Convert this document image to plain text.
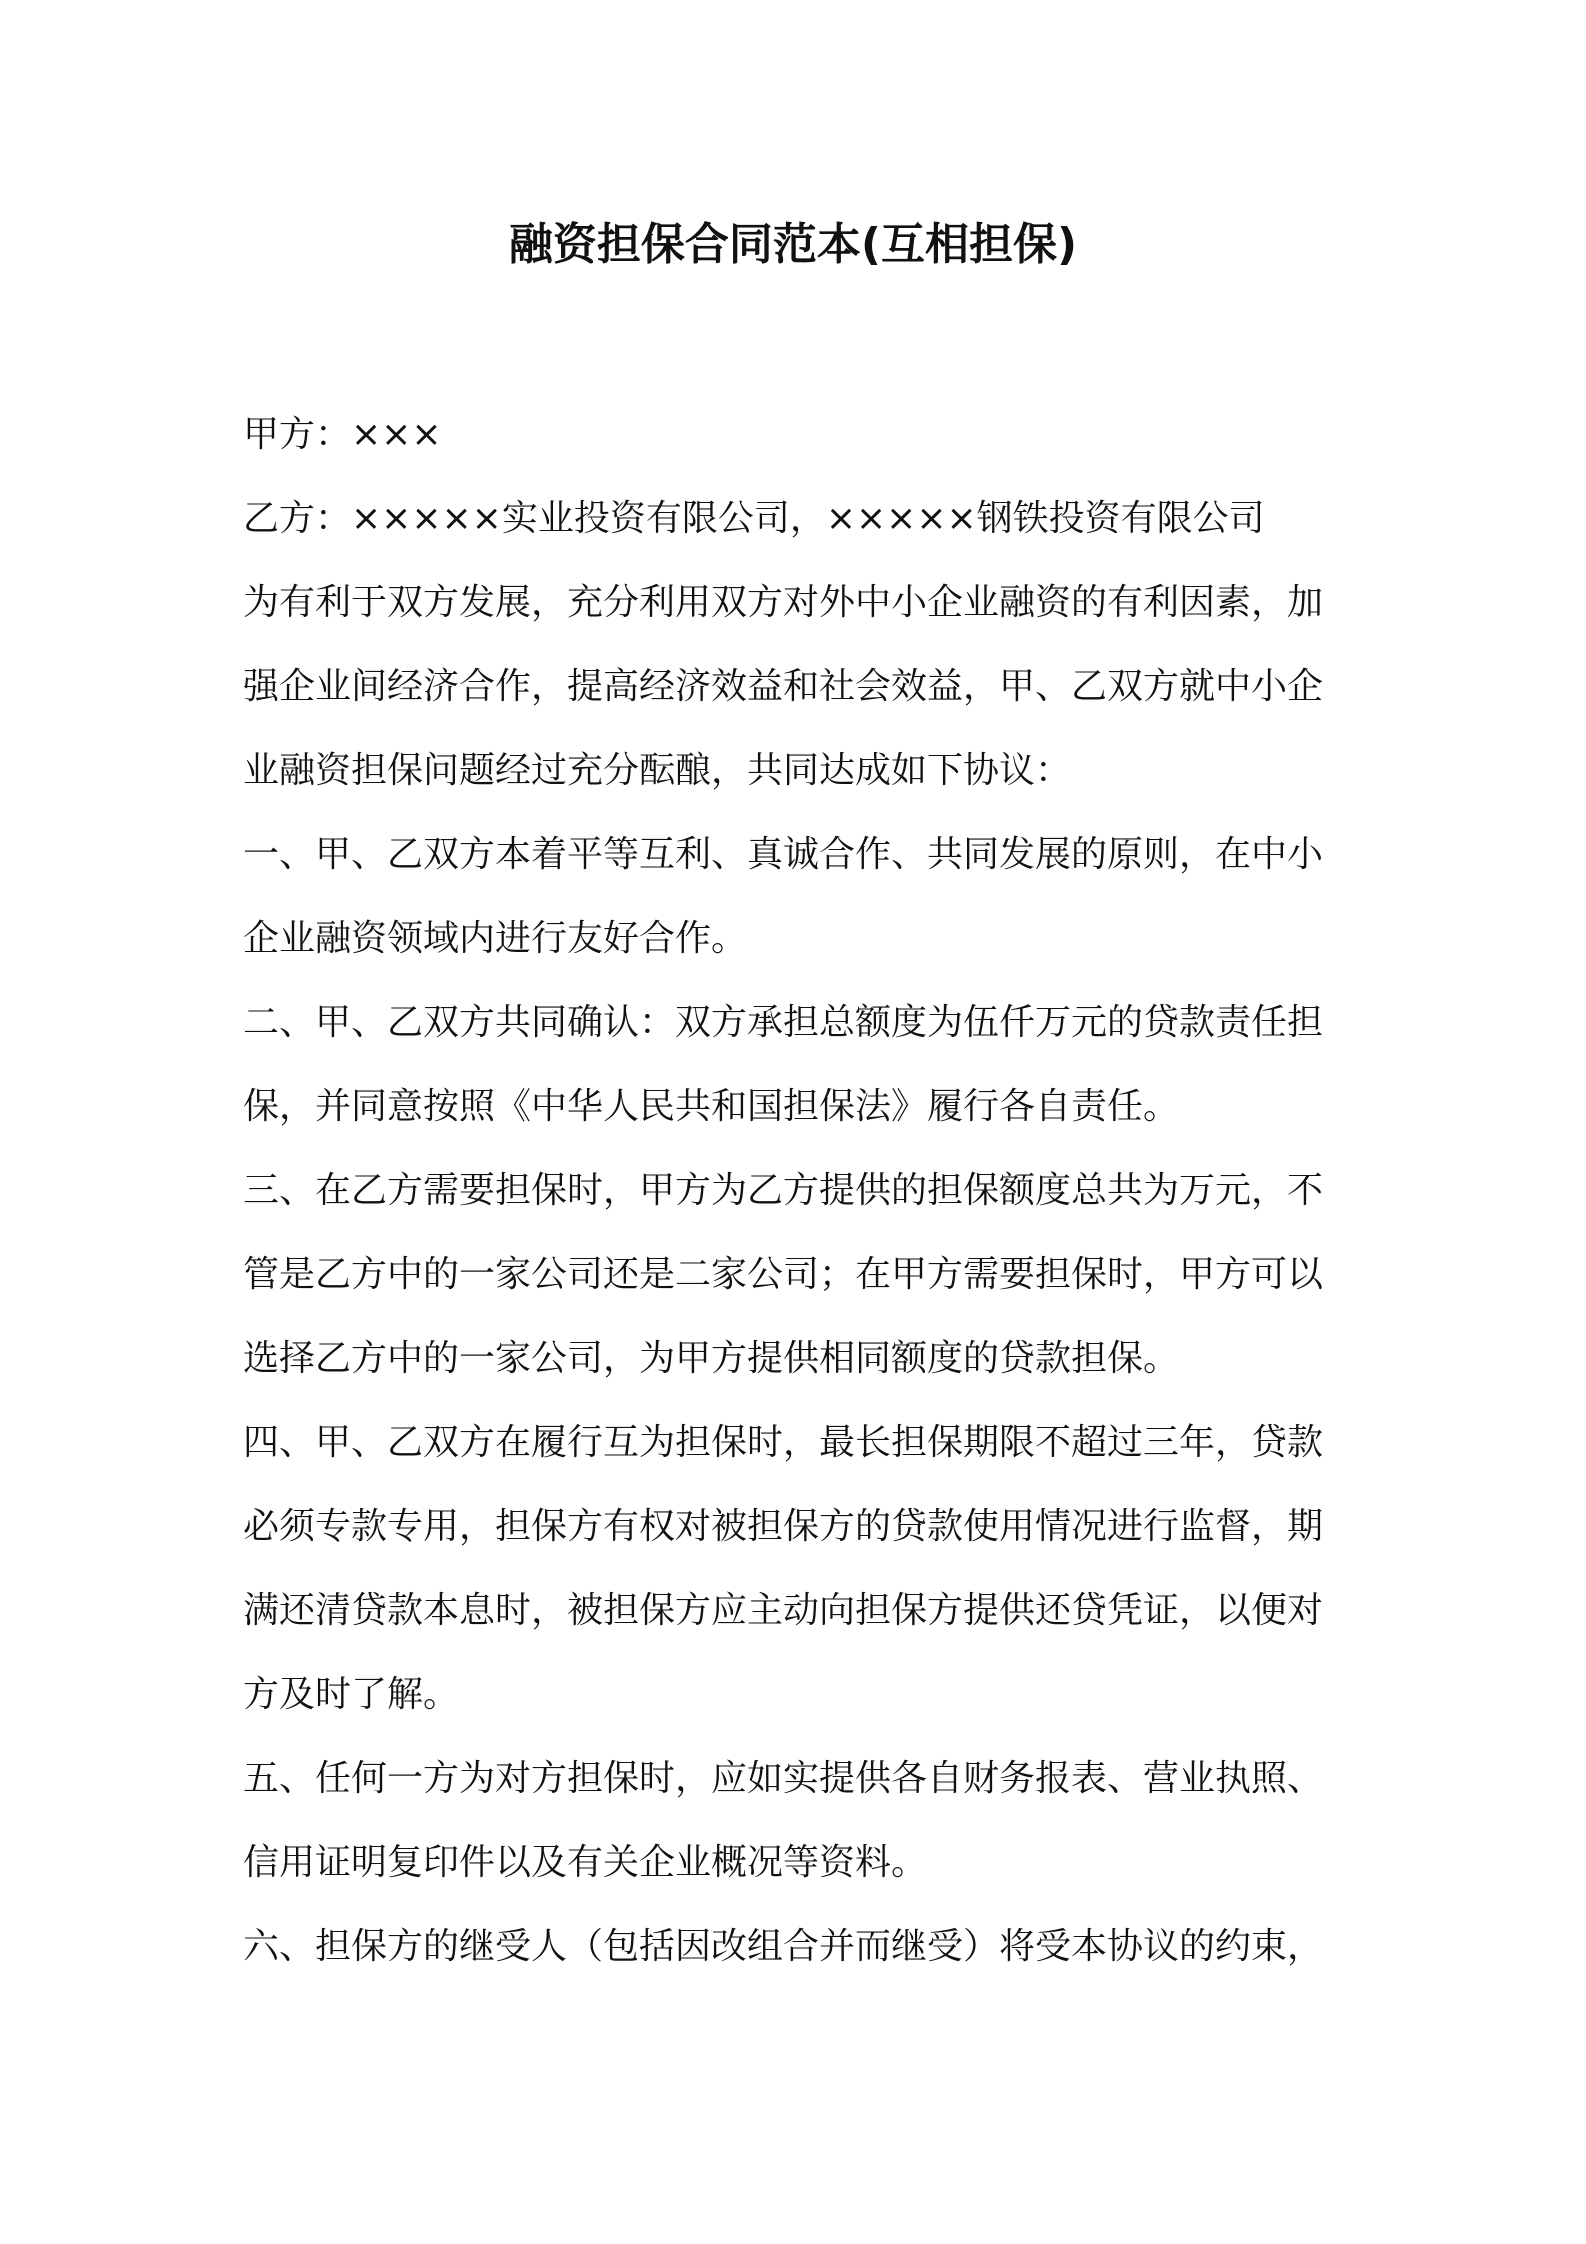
融资担保合同范本(互相担保)
甲方：×××
乙方：×××××实业投资有限公司，×××××钢铁投资有限公司
为有利于双方发展，充分利用双方对外中小企业融资的有利因素，加
强企业间经济合作，提高经济效益和社会效益，甲、乙双方就中小企
业融资担保问题经过充分酝酿，共同达成如下协议：
一、甲、乙双方本着平等互利、真诚合作、共同发展的原则，在中小
企业融资领域内进行友好合作。
二、甲、乙双方共同确认：双方承担总额度为伍仟万元的贷款责任担
保，并同意按照《中华人民共和国担保法》履行各自责任。
三、在乙方需要担保时，甲方为乙方提供的担保额度总共为万元，不
管是乙方中的一家公司还是二家公司；在甲方需要担保时，甲方可以
选择乙方中的一家公司，为甲方提供相同额度的贷款担保。
四、甲、乙双方在履行互为担保时，最长担保期限不超过三年，贷款
必须专款专用，担保方有权对被担保方的贷款使用情况进行监督，期
满还清贷款本息时，被担保方应主动向担保方提供还贷凭证，以便对
方及时了解。
五、任何一方为对方担保时，应如实提供各自财务报表、营业执照、
信用证明复印件以及有关企业概况等资料。
六、担保方的继受人（包括因改组合并而继受）将受本协议的约束，
